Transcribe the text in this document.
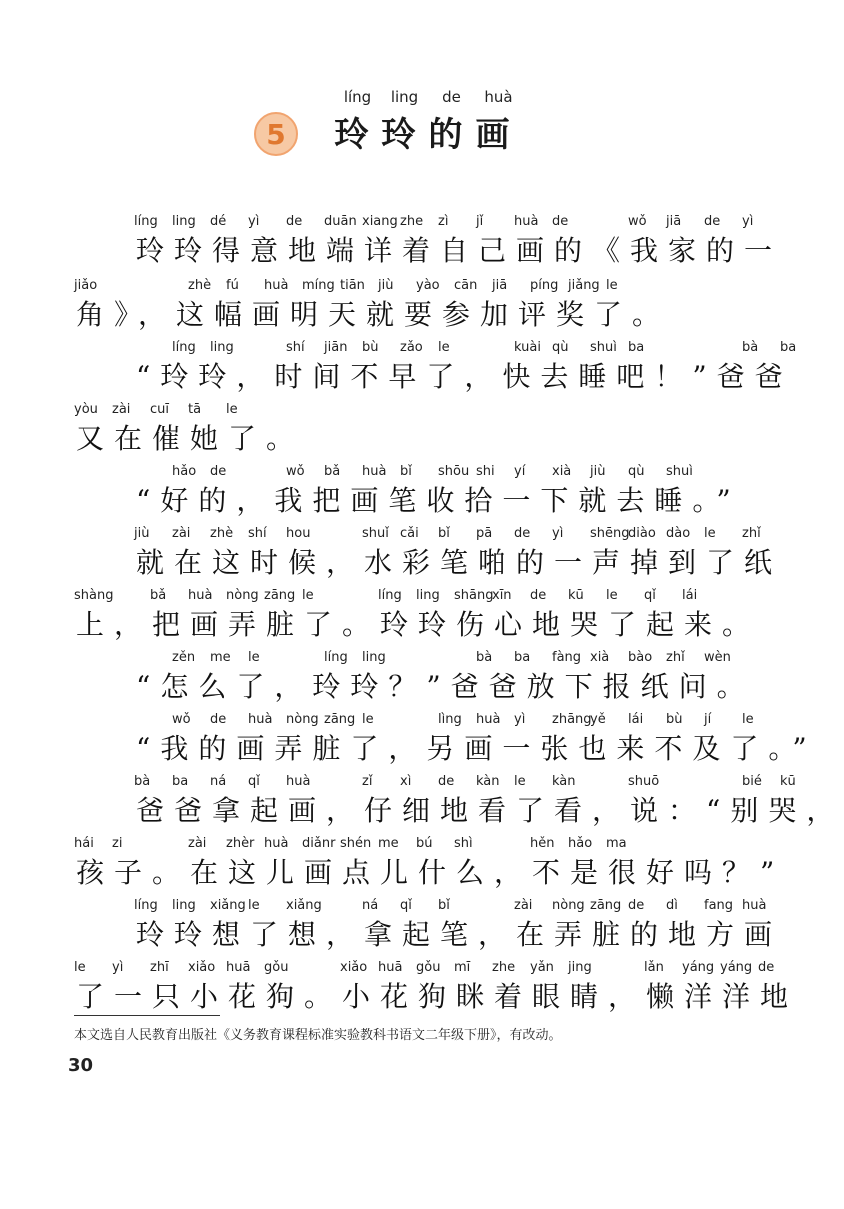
5
líng	ling	de	huà
玲 玲 的 画
líng ling dé yì de duān xiang zhe zì jǐ huà de	wǒ jiā de yì
玲玲得意地端详着自己画的《我家的一
jiǎo	zhè fú huà míng tiān jiù yào cān jiā píng jiǎng le
角》，这幅画明天就要参加评奖了。
líng ling	shí jiān bù zǎo le	kuài qù shuì ba	bà ba
“玲玲，时间不早了，快去睡吧！”爸爸
yòu zài cuī tā le
又在催她了。
hǎo de	wǒ bǎ huà bǐ shōu shi yí xià jiù qù shuì
“好的，我把画笔收拾一下就去睡。”
jiù zài zhè shí hou	shuǐ cǎi bǐ pā de yì shēng
diào dào le zhǐ
就在这时候，水彩笔啪的一声掉到了纸
shàng	bǎ huà nòng zāng le	líng ling shāng
xīn de kū le qǐ lái
上，把画弄脏了。玲玲伤心地哭了起来。
zěn me le	líng ling	bà ba fàng xià bào zhǐ wèn
“怎么了，玲玲？”爸爸放下报纸问。
wǒ de huà nòng zāng le	lìng huà yì zhāng
yě lái bù jí le
“我的画弄脏了，另画一张也来不及了。”
bà ba ná qǐ huà	zǐ xì de kàn le kàn	shuō	bié kū
爸爸拿起画，仔细地看了看，说：“别哭，
hái zi	zài zhèr huà diǎnr shén me bú shì	hěn hǎo ma
孩子。在这儿画点儿什么，不是很好吗？”
líng ling xiǎng le xiǎng	ná qǐ bǐ	zài nòng zāng de dì fang huà
玲玲想了想，拿起笔，在弄脏的地方画
le yì zhī xiǎo huā gǒu	xiǎo huā gǒu mī zhe yǎn jing	lǎn yáng yáng de
了一只小花狗。小花狗眯着眼睛，懒洋洋地
本文选自人民教育出版社《义务教育课程标准实验教科书语文二年级下册》，有改动。
30
